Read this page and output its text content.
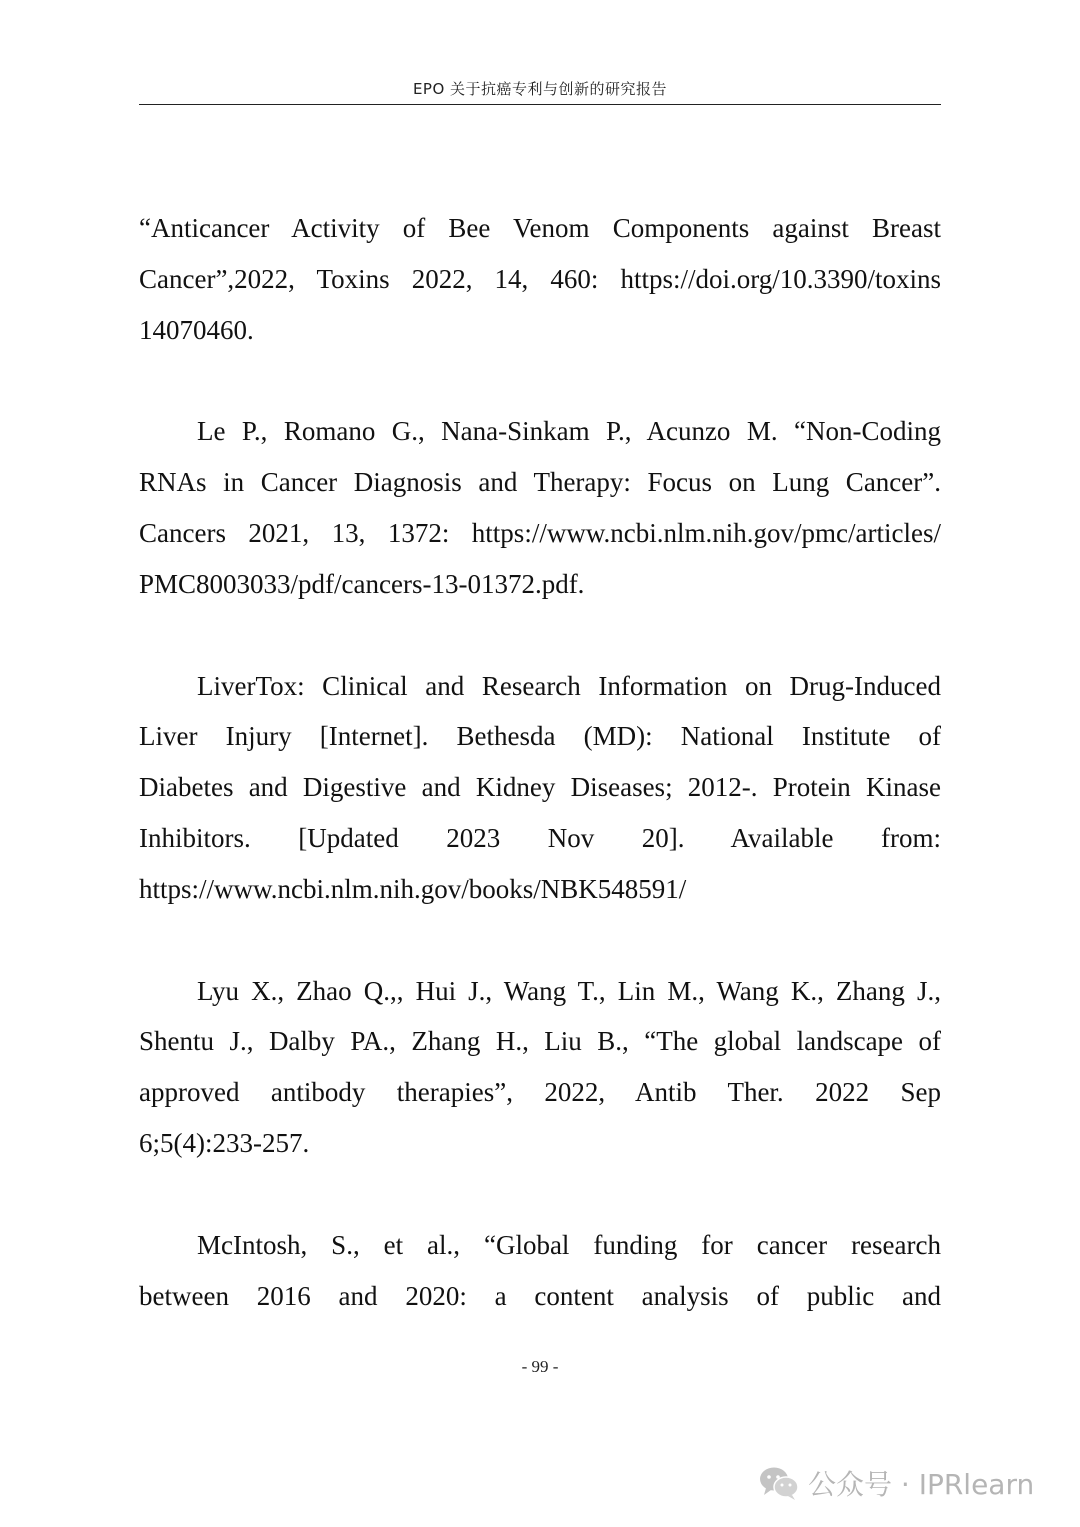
EPO 关于抗癌专利与创新的研究报告

“Anticancer Activity of Bee Venom Components against Breast
Cancer”,2022, Toxins 2022, 14, 460: https://doi.org/10.3390/toxins
14070460.

Le P., Romano G., Nana-Sinkam P., Acunzo M. “Non-Coding
RNAs in Cancer Diagnosis and Therapy: Focus on Lung Cancer”.
Cancers 2021, 13, 1372: https://www.ncbi.nlm.nih.gov/pmc/articles/
PMC8003033/pdf/cancers-13-01372.pdf.

LiverTox: Clinical and Research Information on Drug-Induced
Liver Injury [Internet]. Bethesda (MD): National Institute of
Diabetes and Digestive and Kidney Diseases; 2012-. Protein Kinase
Inhibitors. [Updated 2023 Nov 20]. Available from:
https://www.ncbi.nlm.nih.gov/books/NBK548591/

Lyu X., Zhao Q.,, Hui J., Wang T., Lin M., Wang K., Zhang J.,
Shentu J., Dalby PA., Zhang H., Liu B., “The global landscape of
approved antibody therapies”, 2022, Antib Ther. 2022 Sep
6;5(4):233-257.

McIntosh, S., et al., “Global funding for cancer research
between 2016 and 2020: a content analysis of public and

- 99 -
公众号 · IPRlearn
